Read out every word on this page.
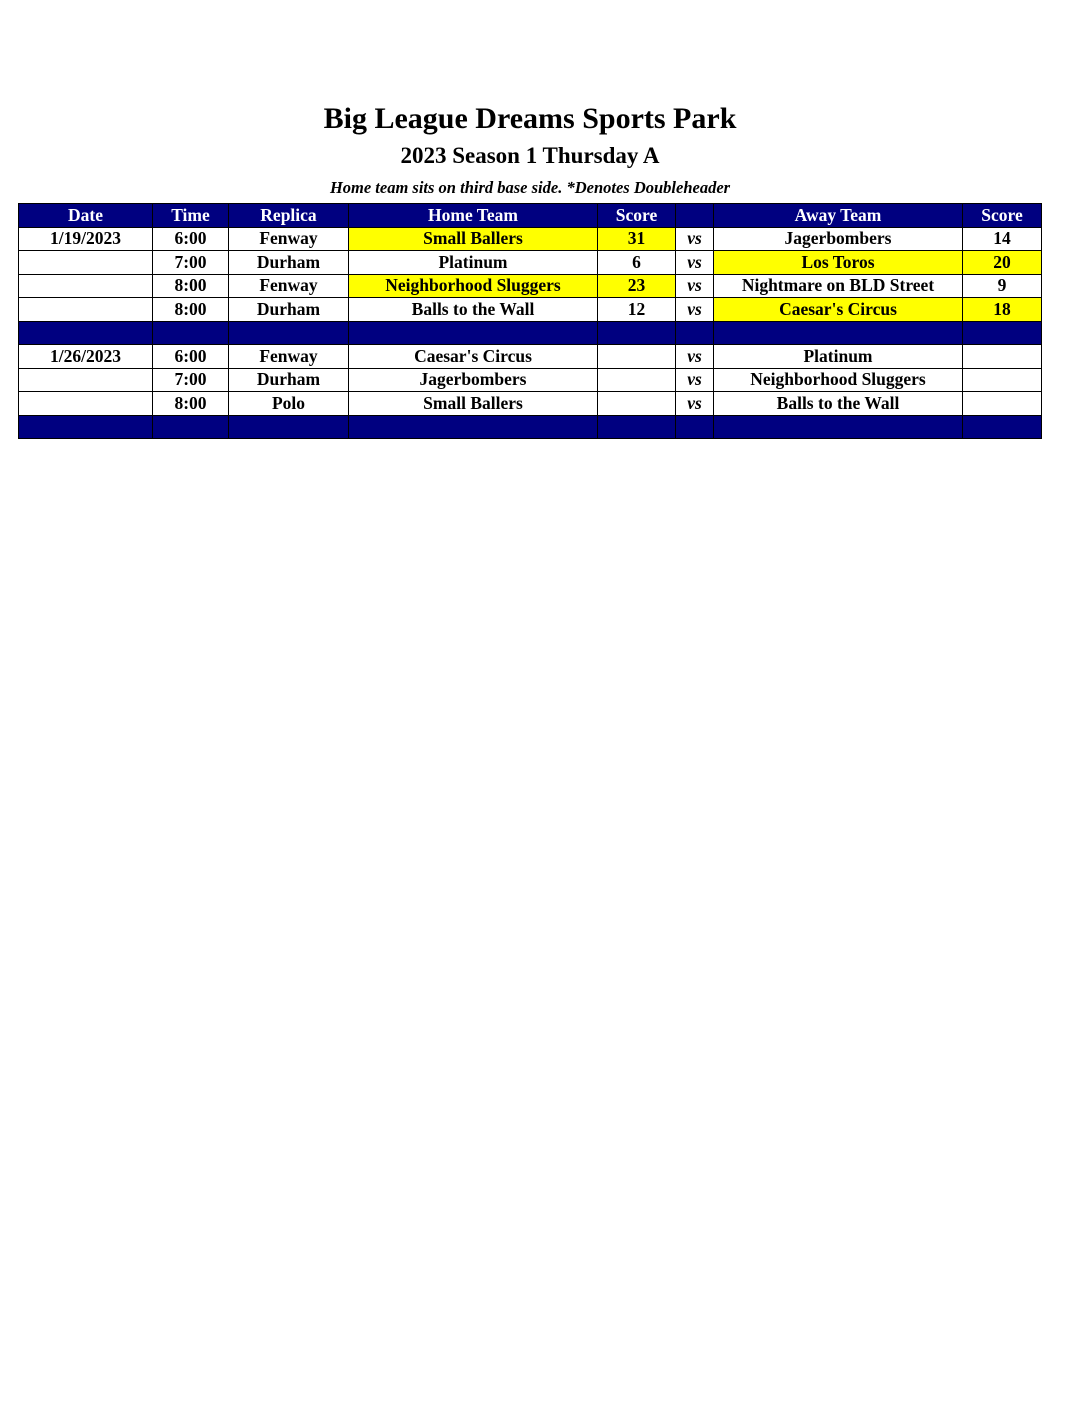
Big League Dreams Sports Park
2023 Season 1 Thursday A
Home team sits on third base side. *Denotes Doubleheader
Date	Time	Replica	Home Team	Score		Away Team	Score
1/19/2023	6:00	Fenway	Small Ballers	31	vs	Jagerbombers	14
	7:00	Durham	Platinum	6	vs	Los Toros	20
	8:00	Fenway	Neighborhood Sluggers	23	vs	Nightmare on BLD Street	9
	8:00	Durham	Balls to the Wall	12	vs	Caesar's Circus	18

1/26/2023	6:00	Fenway	Caesar's Circus		vs	Platinum	
	7:00	Durham	Jagerbombers		vs	Neighborhood Sluggers	
	8:00	Polo	Small Ballers		vs	Balls to the Wall	
